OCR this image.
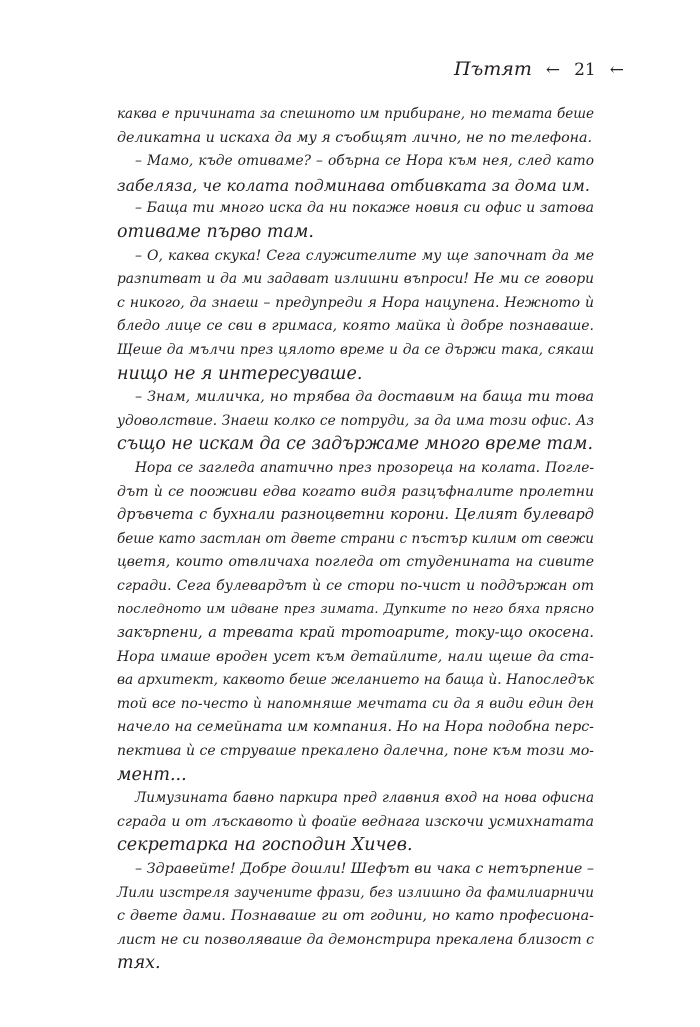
Пътят ← 21 ←
каква е причината за спешното им прибиране, но темата беше
деликатна и искаха да му я съобщят лично, не по телефона.
– Мамо, къде отиваме? – обърна се Нора към нея, след като
забеляза, че колата подминава отбивката за дома им.
– Баща ти много иска да ни покаже новия си офис и затова
отиваме първо там.
– О, каква скука! Сега служителите му ще започнат да ме
разпитват и да ми задават излишни въпроси! Не ми се говори
с никого, да знаеш – предупреди я Нора нацупена. Нежното ѝ
бледо лице се сви в гримаса, която майка ѝ добре познаваше.
Щеше да мълчи през цялото време и да се държи така, сякаш
нищо не я интересуваше.
– Знам, миличка, но трябва да доставим на баща ти това
удоволствие. Знаеш колко се потруди, за да има този офис. Аз
също не искам да се задържаме много време там.
Нора се загледа апатично през прозореца на колата. Погле-
дът ѝ се пооживи едва когато видя разцъфналите пролетни
дръвчета с бухнали разноцветни корони. Целият булевард
беше като застлан от двете страни с пъстър килим от свежи
цветя, които отвличаха погледа от студенината на сивите
сгради. Сега булевардът ѝ се стори по-чист и поддържан от
последното им идване през зимата. Дупките по него бяха прясно
закърпени, а тревата край тротоарите, току-що окосена.
Нора имаше вроден усет към детайлите, нали щеше да ста-
ва архитект, каквото беше желанието на баща ѝ. Напоследък
той все по-често ѝ напомняше мечтата си да я види един ден
начело на семейната им компания. Но на Нора подобна перс-
пектива ѝ се струваше прекалено далечна, поне към този мо-
мент...
Лимузината бавно паркира пред главния вход на нова офисна
сграда и от лъскавото ѝ фоайе веднага изскочи усмихнатата
секретарка на господин Хичев.
– Здравейте! Добре дошли! Шефът ви чака с нетърпение –
Лили изстреля заучените фрази, без излишно да фамилиарничи
с двете дами. Познаваше ги от години, но като професиона-
лист не си позволяваше да демонстрира прекалена близост с
тях.
